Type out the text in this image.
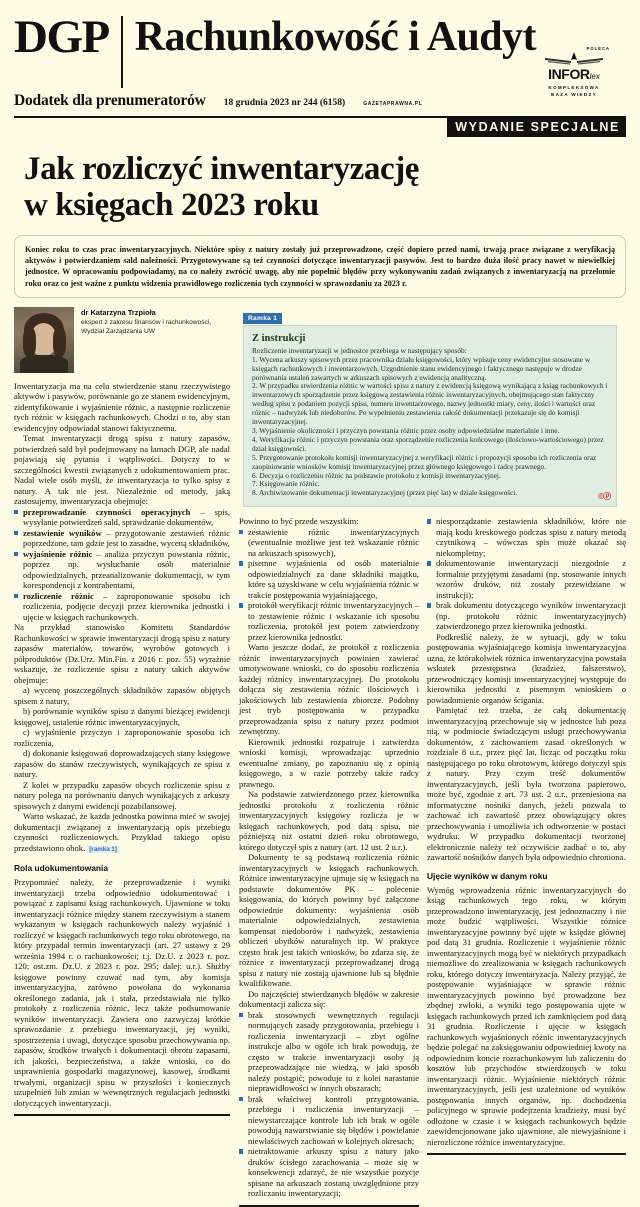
DGP Rachunkowość i Audyt
Dodatek dla prenumeratorów 18 grudnia 2023 nr 244 (6158)	GAZETAPRAWNA.PL
POLECA
INFORlex
KOMPLEKSOWA
BAZA WIEDZY
WYDANIE SPECJALNE
Jak rozliczyć inwentaryzację
w księgach 2023 roku
Koniec roku to czas prac inwentaryzacyjnych. Niektóre spisy z natury zostały już przeprowadzone, część dopiero przed nami, trwają prace związane z weryfikacją aktywów i potwierdzaniem sald należności. Przygotowywane są też czynności dotyczące inwentaryzacji pasywów. Jest to bardzo duża ilość pracy nawet w niewielkiej jednostce. W opracowaniu podpowiadamy, na co należy zwrócić uwagę, aby nie popełnić błędów przy wykonywaniu zadań związanych z inwentaryzacją na przełomie roku oraz co jest ważne z punktu widzenia prawidłowego rozliczenia tych czynności w sprawozdaniu za 2023 r.
dr Katarzyna Trzpioła
ekspert z zakresu finansów i rachunkowości,
Wydział Zarządzania UW

Inwentaryzacja ma na celu stwierdzenie stanu rzeczywistego aktywów i pasywów, porównanie go ze stanem ewidencyjnym, zidentyfikowanie i wyjaśnienie różnic, a następnie rozliczenie tych różnic w księgach rachunkowych. Chodzi o to, aby stan ewidencyjny odpowiadał stanowi faktycznemu.

Temat inwentaryzacji drogą spisu z natury zapasów, potwierdzeń sald był podejmowany na łamach DGP, ale nadal pojawiają się pytania i wątpliwości. Dotyczy to w szczególności kwestii związanych z udokumentowaniem prac. Nadal wiele osób myśli, że inwentaryzacja to tylko spisy z natury. A tak nie jest. Niezależnie od metody, jaką zastosujemy, inwentaryzacja obejmuje:

przeprowadzanie czynności operacyjnych – spis, wysyłanie potwierdzeń sald, sprawdzanie dokumentów,
zestawienie wyników – przygotowanie zestawień różnic poprzedzone, tam gdzie jest to zasadne, wyceną składników,
wyjaśnienie różnic – analiza przyczyn powstania różnic, poprzez np. wysłuchanie osób materialnie odpowiedzialnych, przeanalizowanie dokumentacji, w tym korespondencji z kontrahentami,
rozliczenie różnic – zaproponowanie sposobu ich rozliczenia, podjęcie decyzji przez kierownika jednostki i ujęcie w księgach rachunkowych.

Na przykład stanowisko Komitetu Standardów Rachunkowości w sprawie inwentaryzacji drogą spisu z natury zapasów materiałów, towarów, wyrobów gotowych i półproduktów (Dz.Urz. Min.Fin. z 2016 r. poz. 55) wyraźnie wskazuje, że rozliczenie spisu z natury takich aktywów obejmuje:

a) wycenę poszczególnych składników zapasów objętych spisem z natury,

b) porównanie wyników spisu z danymi bieżącej ewidencji księgowej, ustalenie różnic inwentaryzacyjnych,

c) wyjaśnienie przyczyn i zaproponowanie sposobu ich rozliczenia,

d) dokonanie księgowań doprowadzających stany księgowe zapasów do stanów rzeczywistych, wynikających ze spisu z natury.

Z kolei w przypadku zapasów obcych rozliczenie spisu z natury polega na porównaniu danych wynikających z arkuszy spisowych z danymi ewidencji pozabilansowej.

Warto wskazać, że każda jednostka powinna mieć w swojej dokumentacji związanej z inwentaryzacją opis przebiegu czynności rozliczeniowych. Przykład takiego opisu przedstawiono obok. [ramka 1]

Rola udokumentowania

Przypomnieć należy, że przeprowadzenie i wyniki inwentaryzacji trzeba odpowiednio udokumentować i powiązać z zapisami ksiąg rachunkowych. Ujawnione w toku inwentaryzacji różnice między stanem rzeczywistym a stanem wykazanym w księgach rachunkowych należy wyjaśnić i rozliczyć w księgach rachunkowych tego roku obrotowego, na który przypadał termin inwentaryzacji (art. 27 ustawy z 29 września 1994 r. o rachunkowości; t.j. Dz.U. z 2023 r. poz. 120; ost.zm. Dz.U. z 2023 r. poz. 295; dalej: u.r.). Służby księgowe powinny czuwać nad tym, aby komisja inwentaryzacyjna, zarówno powołana do wykonania określonego zadania, jak i stała, przedstawiała nie tylko protokoły z rozliczenia różnic, lecz także podsumowanie wyników inwentaryzacji. Zawiera ono zazwyczaj krótkie sprawozdanie z przebiegu inwentaryzacji, jej wyniki, spostrzeżenia i uwagi, dotyczące sposobu przechowywania np. zapasów, środków trwałych i dokumentacji obrotu zapasami, ich jakości, bezpieczeństwa, a także wnioski, co do usprawnienia gospodarki magazynowej, kasowej, środkami trwałymi, organizacji spisu w przyszłości i koniecznych uzupełnień lub zmian w wewnętrznych regulacjach jednostki dotyczących inwentaryzacji.

Ramka 1
Z instrukcji

Rozliczenie inwentaryzacji w jednostce przebiega w następujący sposób:

1. Wycena arkuszy spisowych przez pracownika działu księgowości, który wpisuje ceny ewidencyjne stosowane w księgach rachunkowych i inwentarzowych. Uzgodnienie stanu ewidencyjnego i faktycznego następuje w drodze porównania ustaleń zawartych w arkuszach spisowych z ewidencją analityczną.

2. W przypadku stwierdzenia różnic w wartości spisu z natury z ewidencją księgową wynikającą z ksiąg rachunkowych i inwentarzowych sporządzenie przez księgową zestawienia różnic inwentaryzacyjnych, obejmującego stan faktyczny według spisu z podaniem pozycji spisu, numeru inwentarzowego, nazwy jednostki miary, ceny, ilości i wartości oraz różnic – nadwyżek lub niedoborów. Po wypełnieniu zestawienia całość dokumentacji przekazuje się do komisji inwentaryzacyjnej.

3. Wyjaśnienie okoliczności i przyczyn powstania różnic przez osoby odpowiedzialne materialnie i inne.

4. Weryfikacja różnic i przyczyn powstania oraz sporządzenie rozliczenia końcowego (ilościowo-wartościowego) przez dział księgowości.

5. Przygotowanie protokołu komisji inwentaryzacyjnej z weryfikacji różnic i propozycji sposobu ich rozliczenia oraz zaopiniowanie wniosków komisji inwentaryzacyjnej przez głównego księgowego i radcę prawnego.

6. Decyzja o rozliczeniu różnic na podstawie protokołu z komisji inwentaryzacyjnej.

7. Księgowanie różnic.

8. Archiwizowanie dokumentacji inwentaryzacyjnej (przez pięć lat) w dziale księgowości.	©Ⓟ

Powinno to być przede wszystkim:

zestawienie różnic inwentaryzacyjnych (ewentualnie możliwe jest też wskazanie różnic na arkuszach spisowych),
pisemne wyjaśnienia od osób materialnie odpowiedzialnych za dane składniki majątku, które są uzyskiwane w celu wyjaśnienia różnic w trakcie postępowania wyjaśniającego,
protokół weryfikacji różnic inwentaryzacyjnych – to zestawienie różnic i wskazanie ich sposobu rozliczenia, protokół jest potem zatwierdzony przez kierownika jednostki.

Warto jeszcze dodać, że protokół z rozliczenia różnic inwentaryzacyjnych powinien zawierać umotywowane wnioski, co do sposobu rozliczenia każdej różnicy inwentaryzacyjnej. Do protokołu dołącza się zestawienia różnic ilościowych i jakościowych lub zestawienia zbiorcze. Podobny jest tryb postępowania w przypadku przeprowadzania spisu z natury przez podmiot zewnętrzny.

Kierownik jednostki rozpatruje i zatwierdza wnioski komisji, wprowadzając uprzednio ewentualne zmiany, po zapoznaniu się z opinią księgowego, a w razie potrzeby także radcy prawnego.

Na podstawie zatwierdzonego przez kierownika jednostki protokołu z rozliczenia różnic inwentaryzacyjnych księgowy rozlicza je w księgach rachunkowych, pod datą spisu, nie późniejszą niż ostatni dzień roku obrotowego, którego dotyczył spis z natury (art. 12 ust. 2 u.r.).

Dokumenty te są podstawą rozliczenia różnic inwentaryzacyjnych w księgach rachunkowych. Różnice inwentaryzacyjne ujmuje się w księgach na podstawie dokumentów PK – polecenie księgowania, do których powinny być załączone odpowiednie dokumenty: wyjaśnienia osób materialnie odpowiedzialnych, zestawienia kompensat niedoborów i nadwyżek, zestawienia obliczeń ubytków naturalnych itp. W praktyce często brak jest takich wniosków, bo zdarza się, że różnice z inwentaryzacji przeprowadzanej drogą spisu z natury nie zostają ujawnione lub są błędnie kwalifikowane.

Do najczęściej stwierdzanych błędów w zakresie dokumentacji zalicza się:

brak stosownych wewnętrznych regulacji normujących zasady przygotowania, przebiegu i rozliczenia inwentaryzacji – zbyt ogólne instrukcje albo w ogóle ich brak powodują, że często w trakcie inwentaryzacji osoby ją przeprowadzające nie wiedzą, w jaki sposób należy postąpić; powoduje to z kolei narastanie nieprawidłowości w innych obszarach;
brak właściwej kontroli przygotowania, przebiegu i rozliczenia inwentaryzacji – niewystarczające kontrole lub ich brak w ogóle powodują nawarstwianie się błędów i powielanie niewłaściwych zachowań w kolejnych okresach;
nietraktowanie arkuszy spisu z natury jako druków ścisłego zarachowania – może się w konsekwencji zdarzyć, że nie wszystkie pozycje spisane na arkuszach zostaną uwzględnione przy rozliczaniu inwentaryzacji;
niesporządzanie zestawienia składników, które nie mają kodu kreskowego podczas spisu z natury metodą czytnikową – wówczas spis może okazać się niekompletny;
dokumentowanie inwentaryzacji niezgodnie z formalnie przyjętymi zasadami (np. stosowanie innych wzorów druków, niż zostały przewidziane w instrukcji);
brak dokumentu dotyczącego wyników inwentaryzacji (np. protokołu różnic inwentaryzacyjnych) zatwierdzonego przez kierownika jednostki.

Podkreślić należy, że w sytuacji, gdy w toku postępowania wyjaśniającego komisja inwentaryzacyjna uzna, że którakolwiek różnica inwentaryzacyjna powstała wskutek przestępstwa (kradzież, fałszerstwo), przewodniczący komisji inwentaryzacyjnej występuje do kierownika jednostki z pisemnym wnioskiem o powiadomienie organów ścigania.

Pamiętać też trzeba, że całą dokumentację inwentaryzacyjną przechowuje się w jednostce lub poza nią, w podmiocie świadczącym usługi przechowywania dokumentów, z zachowaniem zasad określonych w rozdziale 8 u.r., przez pięć lat, licząc od początku roku następującego po roku obrotowym, którego dotyczył spis z natury. Przy czym treść dokumentów inwentaryzacyjnych, jeśli była tworzona papierowo, może być, zgodnie z art. 73 ust. 2 u.r., przeniesiona na informatyczne nośniki danych, jeżeli pozwala to zachować ich zawartość przez obowiązujący okres przechowywania i umożliwia ich odtworzenie w postaci wydruku. W przypadku dokumentacji tworzonej elektronicznie należy też oczywiście zadbać o to, aby zawartość nośników danych była odpowiednio chroniona.

Ujęcie wyników w danym roku

Wymóg wprowadzenia różnic inwentaryzacyjnych do ksiąg rachunkowych tego roku, w którym przeprowadzono inwentaryzację, jest jednoznaczny i nie może budzić wątpliwości. Wszystkie różnice inwentaryzacyjne powinny być ujęte w księdze głównej pod datą 31 grudnia. Rozliczenie i wyjaśnienie różnic inwentaryzacyjnych mogą być w niektórych przypadkach niemożliwe do zrealizowania w księgach rachunkowych roku, którego dotyczy inwentaryzacja. Należy przyjąć, że postępowanie wyjaśniające w sprawie różnic inwentaryzacyjnych powinno być prowadzone bez zbędnej zwłoki, a wyniki tego postępowania ujęte w księgach rachunkowych przed ich zamknięciem pod datą 31 grudnia. Rozliczenie i ujęcie w księgach rachunkowych wyjaśnionych różnic inwentaryzacyjnych będzie polegać na zaksięgowaniu odpowiedniej kwoty na odpowiednim koncie rozrachunkowym lub zaliczeniu do kosztów lub przychodów stwierdzonych w toku inwentaryzacji różnic. Wyjaśnienie niektórych różnic inwentaryzacyjnych, jeśli jest uzależnione od wyników postępowania innych organów, np. dochodzenia policyjnego w sprawie podejrzenia kradzieży, musi być odłożone w czasie i w księgach rachunkowych będzie zaewidencjonowane jako ujawnione, ale niewyjaśnione i nierozliczone różnice inwentaryzacyjne.
